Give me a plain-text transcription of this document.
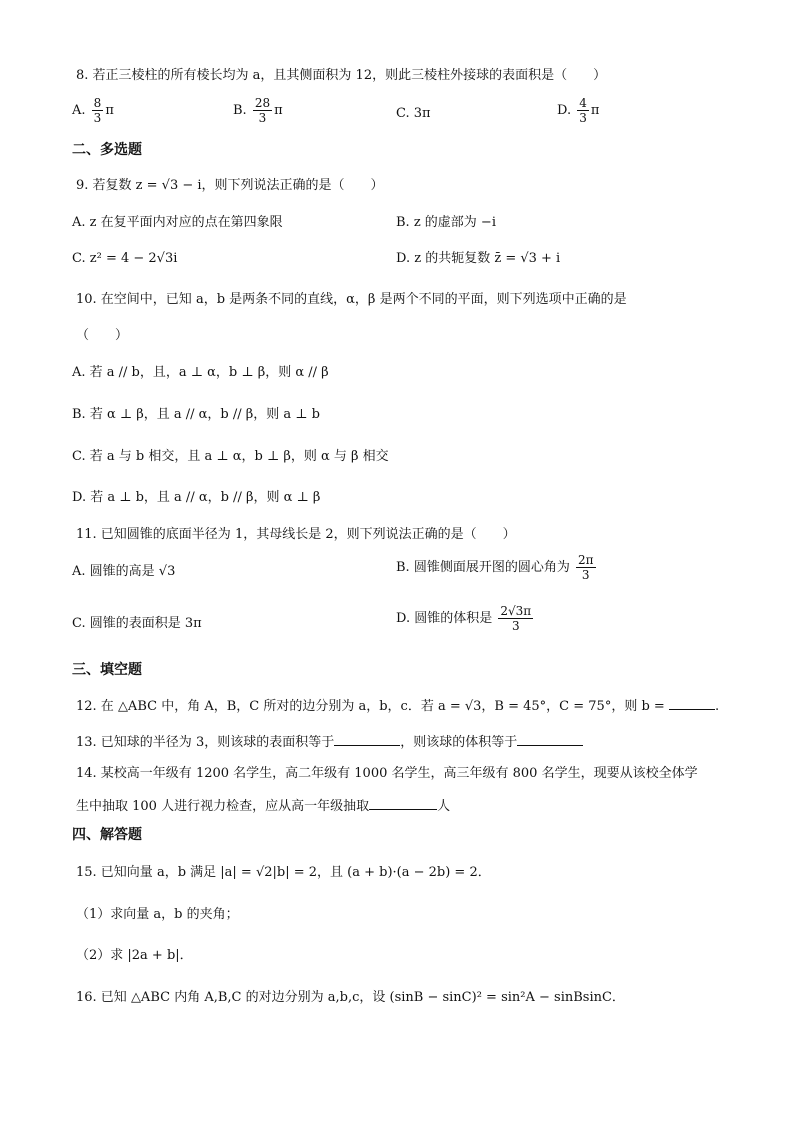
8. 若正三棱柱的所有棱长均为 a，且其侧面积为 12，则此三棱柱外接球的表面积是（　　）
A. $\frac{8}{3}$ π	B. $\frac{28}{3}$ π	C. 3π	D. $\frac{4}{3}$ π
二、多选题
9. 若复数 z = √3 − i，则下列说法正确的是（　　）
A. z 在复平面内对应的点在第四象限	B. z 的虚部为 −i
C. z² = 4 − 2√3i	D. z 的共轭复数 z̄ = √3 + i
10. 在空间中，已知 a，b 是两条不同的直线，α，β 是两个不同的平面，则下列选项中正确的是
（　　）
A. 若 a // b，且，a ⊥ α，b ⊥ β，则 α // β
B. 若 α ⊥ β，且 a // α，b // β，则 a ⊥ b
C. 若 a 与 b 相交，且 a ⊥ α，b ⊥ β，则 α 与 β 相交
D. 若 a ⊥ b，且 a // α，b // β，则 α ⊥ β
11. 已知圆锥的底面半径为 1，其母线长是 2，则下列说法正确的是（　　）
A. 圆锥的高是 √3	B. 圆锥侧面展开图的圆心角为 $\frac{2\pi}{3}$
C. 圆锥的表面积是 3π	D. 圆锥的体积是 $\frac{2√3\pi}{3}$
三、填空题
12. 在 △ABC 中，角 A，B，C 所对的边分别为 a，b，c．若 a = √3，B = 45°，C = 75°，则 b =	.
13. 已知球的半径为 3，则该球的表面积等于	，则该球的体积等于
14. 某校高一年级有 1200 名学生，高二年级有 1000 名学生，高三年级有 800 名学生，现要从该校全体学
生中抽取 100 人进行视力检查，应从高一年级抽取	人
四、解答题
15. 已知向量 a，b 满足 |a| = √2|b| = 2，且 (a + b)·(a − 2b) = 2．
（1）求向量 a，b 的夹角；
（2）求 |2a + b|．
16. 已知 △ABC 内角 A,B,C 的对边分别为 a,b,c，设 (sinB − sinC)² = sin²A − sinBsinC．
